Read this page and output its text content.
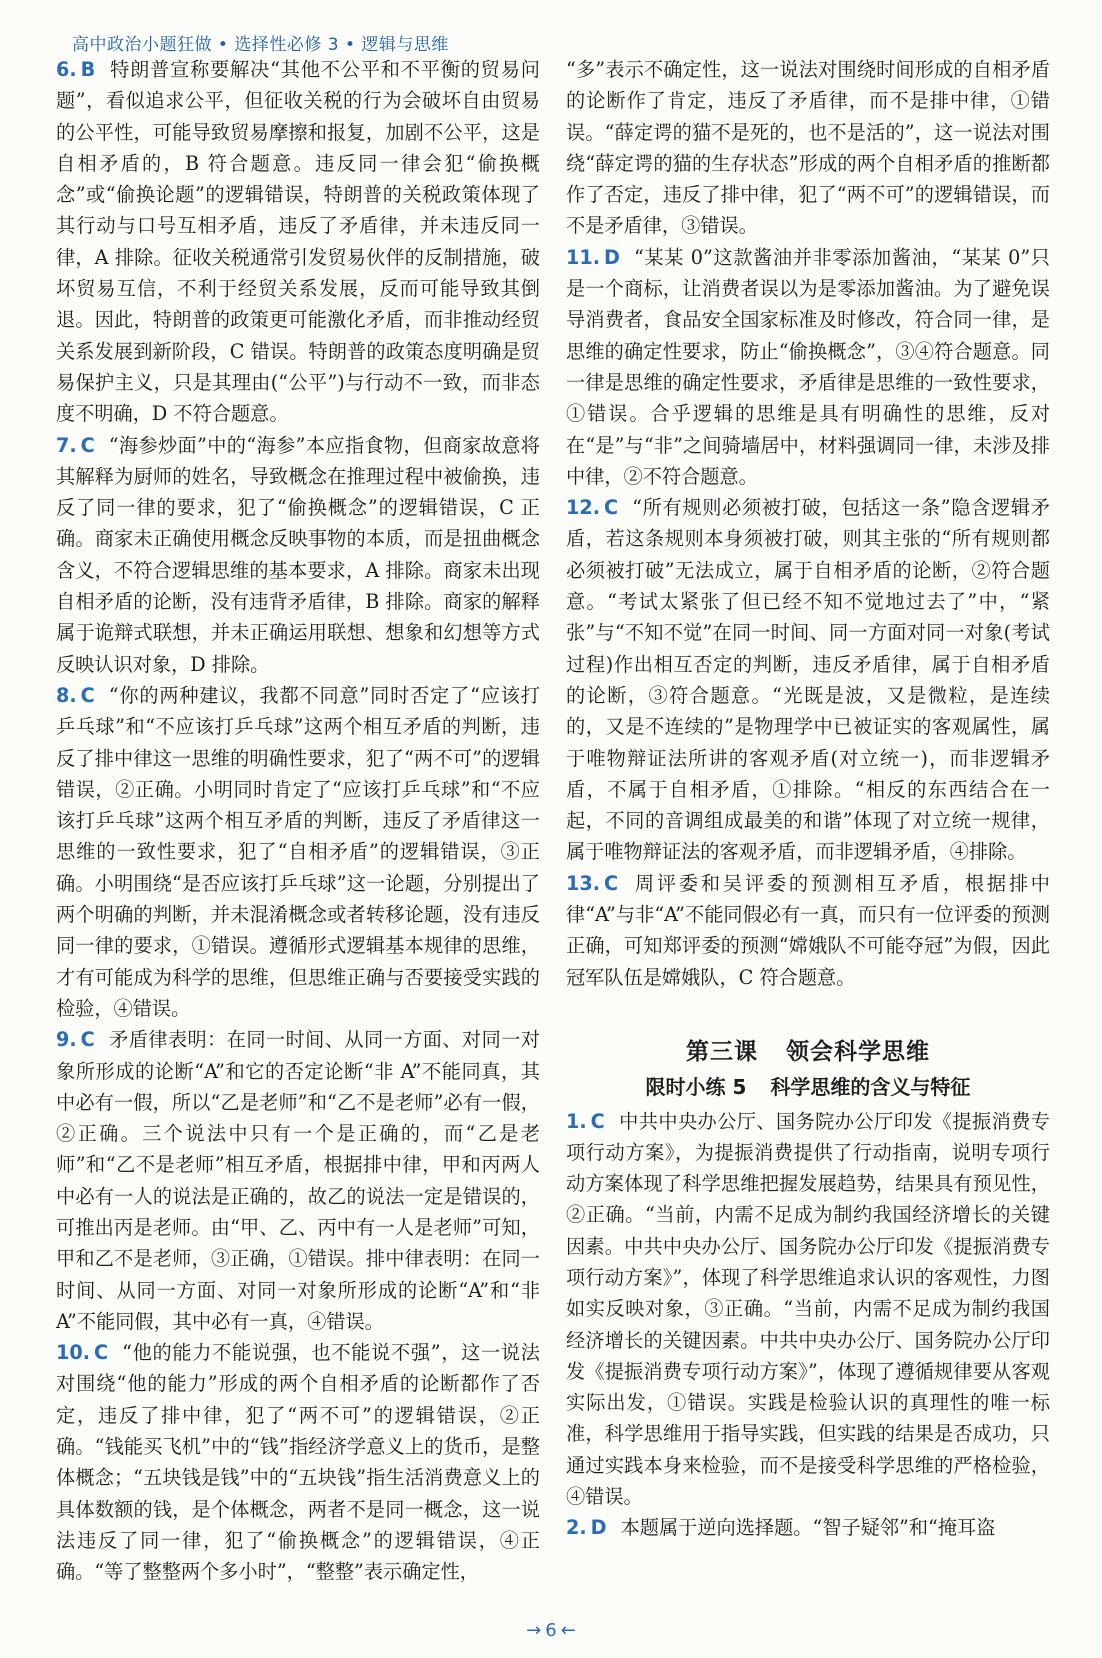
高中政治小题狂做 • 选择性必修 3 • 逻辑与思维

6. B 特朗普宣称要解决“其他不公平和不平衡的贸易问题”，看似追求公平，但征收关税的行为会破坏自由贸易的公平性，可能导致贸易摩擦和报复，加剧不公平，这是自相矛盾的，B 符合题意。违反同一律会犯“偷换概念”或“偷换论题”的逻辑错误，特朗普的关税政策体现了其行动与口号互相矛盾，违反了矛盾律，并未违反同一律，A 排除。征收关税通常引发贸易伙伴的反制措施，破坏贸易互信，不利于经贸关系发展，反而可能导致其倒退。因此，特朗普的政策更可能激化矛盾，而非推动经贸关系发展到新阶段，C 错误。特朗普的政策态度明确是贸易保护主义，只是其理由(“公平”)与行动不一致，而非态度不明确，D 不符合题意。

7. C “海参炒面”中的“海参”本应指食物，但商家故意将其解释为厨师的姓名，导致概念在推理过程中被偷换，违反了同一律的要求，犯了“偷换概念”的逻辑错误，C 正确。商家未正确使用概念反映事物的本质，而是扭曲概念含义，不符合逻辑思维的基本要求，A 排除。商家未出现自相矛盾的论断，没有违背矛盾律，B 排除。商家的解释属于诡辩式联想，并未正确运用联想、想象和幻想等方式反映认识对象，D 排除。

8. C “你的两种建议，我都不同意”同时否定了“应该打乒乓球”和“不应该打乒乓球”这两个相互矛盾的判断，违反了排中律这一思维的明确性要求，犯了“两不可”的逻辑错误，②正确。小明同时肯定了“应该打乒乓球”和“不应该打乒乓球”这两个相互矛盾的判断，违反了矛盾律这一思维的一致性要求，犯了“自相矛盾”的逻辑错误，③正确。小明围绕“是否应该打乒乓球”这一论题，分别提出了两个明确的判断，并未混淆概念或者转移论题，没有违反同一律的要求，①错误。遵循形式逻辑基本规律的思维，才有可能成为科学的思维，但思维正确与否要接受实践的检验，④错误。

9. C 矛盾律表明：在同一时间、从同一方面、对同一对象所形成的论断“A”和它的否定论断“非 A”不能同真，其中必有一假，所以“乙是老师”和“乙不是老师”必有一假，②正确。三个说法中只有一个是正确的，而“乙是老师”和“乙不是老师”相互矛盾，根据排中律，甲和丙两人中必有一人的说法是正确的，故乙的说法一定是错误的，可推出丙是老师。由“甲、乙、丙中有一人是老师”可知，甲和乙不是老师，③正确，①错误。排中律表明：在同一时间、从同一方面、对同一对象所形成的论断“A”和“非 A”不能同假，其中必有一真，④错误。

10. C “他的能力不能说强，也不能说不强”，这一说法对围绕“他的能力”形成的两个自相矛盾的论断都作了否定，违反了排中律，犯了“两不可”的逻辑错误，②正确。“钱能买飞机”中的“钱”指经济学意义上的货币，是整体概念；“五块钱是钱”中的“五块钱”指生活消费意义上的具体数额的钱，是个体概念，两者不是同一概念，这一说法违反了同一律，犯了“偷换概念”的逻辑错误，④正确。“等了整整两个多小时”，“整整”表示确定性，

“多”表示不确定性，这一说法对围绕时间形成的自相矛盾的论断作了肯定，违反了矛盾律，而不是排中律，①错误。“薛定谔的猫不是死的，也不是活的”，这一说法对围绕“薛定谔的猫的生存状态”形成的两个自相矛盾的推断都作了否定，违反了排中律，犯了“两不可”的逻辑错误，而不是矛盾律，③错误。

11. D “某某 0”这款酱油并非零添加酱油，“某某 0”只是一个商标，让消费者误以为是零添加酱油。为了避免误导消费者，食品安全国家标准及时修改，符合同一律，是思维的确定性要求，防止“偷换概念”，③④符合题意。同一律是思维的确定性要求，矛盾律是思维的一致性要求，①错误。合乎逻辑的思维是具有明确性的思维，反对在“是”与“非”之间骑墙居中，材料强调同一律，未涉及排中律，②不符合题意。

12. C “所有规则必须被打破，包括这一条”隐含逻辑矛盾，若这条规则本身须被打破，则其主张的“所有规则都必须被打破”无法成立，属于自相矛盾的论断，②符合题意。“考试太紧张了但已经不知不觉地过去了”中，“紧张”与“不知不觉”在同一时间、同一方面对同一对象(考试过程)作出相互否定的判断，违反矛盾律，属于自相矛盾的论断，③符合题意。“光既是波，又是微粒，是连续的，又是不连续的”是物理学中已被证实的客观属性，属于唯物辩证法所讲的客观矛盾(对立统一)，而非逻辑矛盾，不属于自相矛盾，①排除。“相反的东西结合在一起，不同的音调组成最美的和谐”体现了对立统一规律，属于唯物辩证法的客观矛盾，而非逻辑矛盾，④排除。

13. C 周评委和吴评委的预测相互矛盾，根据排中律“A”与非“A”不能同假必有一真，而只有一位评委的预测正确，可知郑评委的预测“嫦娥队不可能夺冠”为假，因此冠军队伍是嫦娥队，C 符合题意。

第三课 领会科学思维
限时小练 5 科学思维的含义与特征

1. C 中共中央办公厅、国务院办公厅印发《提振消费专项行动方案》，为提振消费提供了行动指南，说明专项行动方案体现了科学思维把握发展趋势，结果具有预见性，②正确。“当前，内需不足成为制约我国经济增长的关键因素。中共中央办公厅、国务院办公厅印发《提振消费专项行动方案》”，体现了科学思维追求认识的客观性，力图如实反映对象，③正确。“当前，内需不足成为制约我国经济增长的关键因素。中共中央办公厅、国务院办公厅印发《提振消费专项行动方案》”，体现了遵循规律要从客观实际出发，①错误。实践是检验认识的真理性的唯一标准，科学思维用于指导实践，但实践的结果是否成功，只通过实践本身来检验，而不是接受科学思维的严格检验，④错误。

2. D 本题属于逆向选择题。“智子疑邻”和“掩耳盗

→ 6 ←
